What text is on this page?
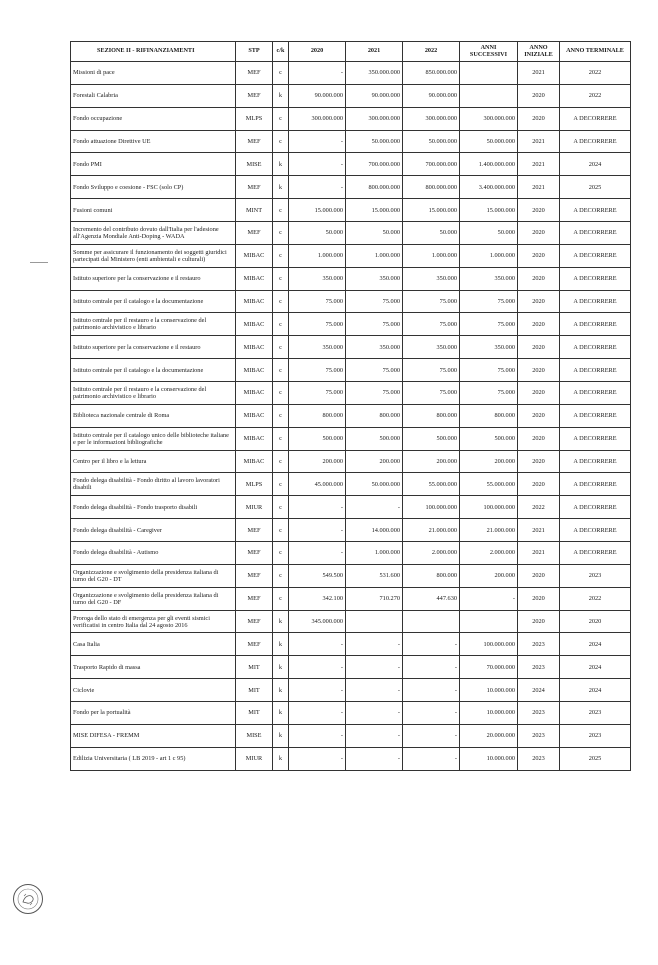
SEZIONE II - RIFINANZIAMENTI	STP	c/k	2020	2021	2022	ANNI SUCCESSIVI	ANNO INIZIALE	ANNO TERMINALE
Missioni di pace	MEF	c	-	350.000.000	850.000.000		2021	2022
Forestali Calabria	MEF	k	90.000.000	90.000.000	90.000.000		2020	2022
Fondo occupazione	MLPS	c	300.000.000	300.000.000	300.000.000	300.000.000	2020	A DECORRERE
Fondo attuazione Direttive UE	MEF	c	-	50.000.000	50.000.000	50.000.000	2021	A DECORRERE
Fondo PMI	MISE	k	-	700.000.000	700.000.000	1.400.000.000	2021	2024
Fondo Sviluppo e coesione - FSC (solo CP)	MEF	k	-	800.000.000	800.000.000	3.400.000.000	2021	2025
Fusioni comuni	MINT	c	15.000.000	15.000.000	15.000.000	15.000.000	2020	A DECORRERE
Incremento del contributo dovuto dall'Italia per l'adesione all'Agenzia Mondiale Anti-Doping - WADA	MEF	c	50.000	50.000	50.000	50.000	2020	A DECORRERE
Somme per assicurare il funzionamento dei soggetti giuridici partecipati dal Ministero (enti ambientali e culturali)	MIBAC	c	1.000.000	1.000.000	1.000.000	1.000.000	2020	A DECORRERE
Istituto superiore per la conservazione e il restauro	MIBAC	c	350.000	350.000	350.000	350.000	2020	A DECORRERE
Istituto centrale per il catalogo e la documentazione	MIBAC	c	75.000	75.000	75.000	75.000	2020	A DECORRERE
Istituto centrale per il restauro e la conservazione del patrimonio archivistico e librario	MIBAC	c	75.000	75.000	75.000	75.000	2020	A DECORRERE
Istituto superiore per la conservazione e il restauro	MIBAC	c	350.000	350.000	350.000	350.000	2020	A DECORRERE
Istituto centrale per il catalogo e la documentazione	MIBAC	c	75.000	75.000	75.000	75.000	2020	A DECORRERE
Istituto centrale per il restauro e la conservazione del patrimonio archivistico e librario	MIBAC	c	75.000	75.000	75.000	75.000	2020	A DECORRERE
Biblioteca nazionale centrale di Roma	MIBAC	c	800.000	800.000	800.000	800.000	2020	A DECORRERE
Istituto centrale per il catalogo unico delle biblioteche italiane e per le informazioni bibliografiche	MIBAC	c	500.000	500.000	500.000	500.000	2020	A DECORRERE
Centro per il libro e la lettura	MIBAC	c	200.000	200.000	200.000	200.000	2020	A DECORRERE
Fondo delega disabilità - Fondo diritto al lavoro lavoratori disabili	MLPS	c	45.000.000	50.000.000	55.000.000	55.000.000	2020	A DECORRERE
Fondo delega disabilità - Fondo trasporto disabili	MIUR	c	-	-	100.000.000	100.000.000	2022	A DECORRERE
Fondo delega disabilità - Caregiver	MEF	c	-	14.000.000	21.000.000	21.000.000	2021	A DECORRERE
Fondo delega disabilità - Autismo	MEF	c	-	1.000.000	2.000.000	2.000.000	2021	A DECORRERE
Organizzazione e svolgimento della presidenza italiana di turno del G20 - DT	MEF	c	549.500	531.600	800.000	200.000	2020	2023
Organizzazione e svolgimento della presidenza italiana di turno del G20 - DF	MEF	c	342.100	710.270	447.630	-	2020	2022
Proroga dello stato di emergenza per gli eventi sismici verificatisi in centro Italia dal 24 agosto 2016	MEF	k	345.000.000				2020	2020
Casa Italia	MEF	k	-	-	-	100.000.000	2023	2024
Trasporto Rapido di massa	MIT	k	-	-	-	70.000.000	2023	2024
Ciclovie	MIT	k	-	-	-	10.000.000	2024	2024
Fondo per la portualità	MIT	k	-	-	-	10.000.000	2023	2023
MISE DIFESA - FREMM	MISE	k	-	-	-	20.000.000	2023	2023
Edilizia Universitaria ( LB 2019 - art 1 c 95)	MIUR	k	-	-	-	10.000.000	2023	2025
